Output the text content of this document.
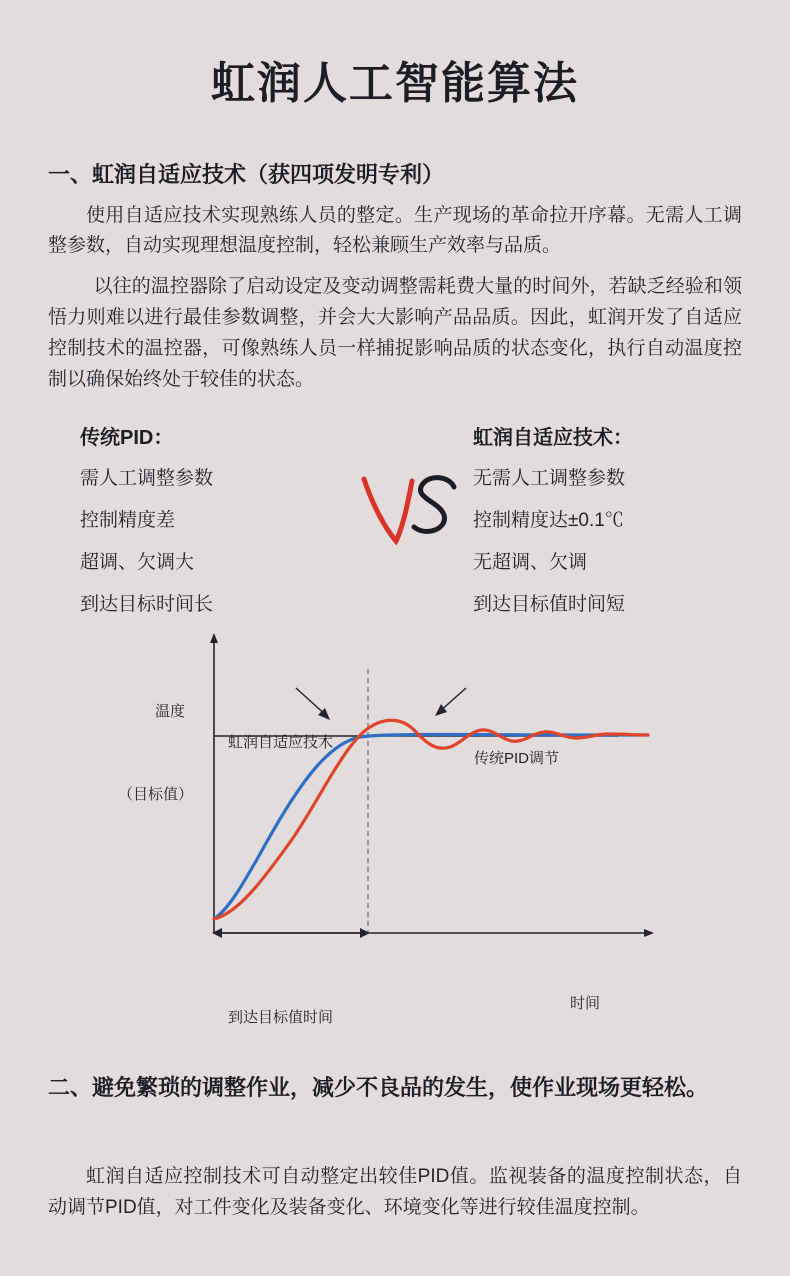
虹润人工智能算法
一、虹润自适应技术（获四项发明专利）

使用自适应技术实现熟练人员的整定。生产现场的革命拉开序幕。无需人工调整参数，自动实现理想温度控制，轻松兼顾生产效率与品质。

以往的温控器除了启动设定及变动调整需耗费大量的时间外，若缺乏经验和领悟力则难以进行最佳参数调整，并会大大影响产品品质。因此，虹润开发了自适应控制技术的温控器，可像熟练人员一样捕捉影响品质的状态变化，执行自动温度控制以确保始终处于较佳的状态。

传统PID：
需人工调整参数
控制精度差
超调、欠调大
到达目标时间长
虹润自适应技术：
无需人工调整参数
控制精度达±0.1℃
无超调、欠调
到达目标值时间短
温度
时间
（目标值）
虹润自适应技术
传统PID调节
到达目标值时间
二、避免繁琐的调整作业，减少不良品的发生，使作业现场更轻松。

虹润自适应控制技术可自动整定出较佳PID值。监视装备的温度控制状态，自动调节PID值，对工件变化及装备变化、环境变化等进行较佳温度控制。
